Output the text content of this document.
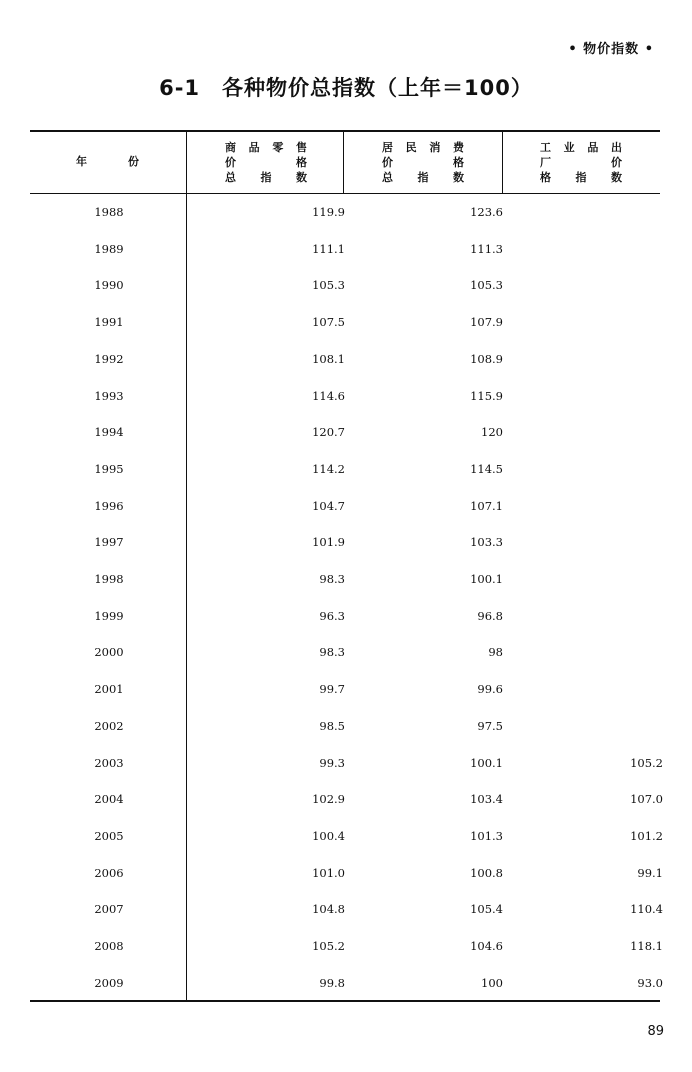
• 物价指数 •
6-1 各种物价总指数（上年＝100）
年	份
商品零售
价格
总指数
居民消费
价格
总指数
工业品出
厂价
格指数
1988	119.9	123.6
1989	111.1	111.3
1990	105.3	105.3
1991	107.5	107.9
1992	108.1	108.9
1993	114.6	115.9
1994	120.7	120
1995	114.2	114.5
1996	104.7	107.1
1997	101.9	103.3
1998	98.3	100.1
1999	96.3	96.8
2000	98.3	98
2001	99.7	99.6
2002	98.5	97.5
2003	99.3	100.1	105.2
2004	102.9	103.4	107.0
2005	100.4	101.3	101.2
2006	101.0	100.8	99.1
2007	104.8	105.4	110.4
2008	105.2	104.6	118.1
2009	99.8	100	93.0
89
